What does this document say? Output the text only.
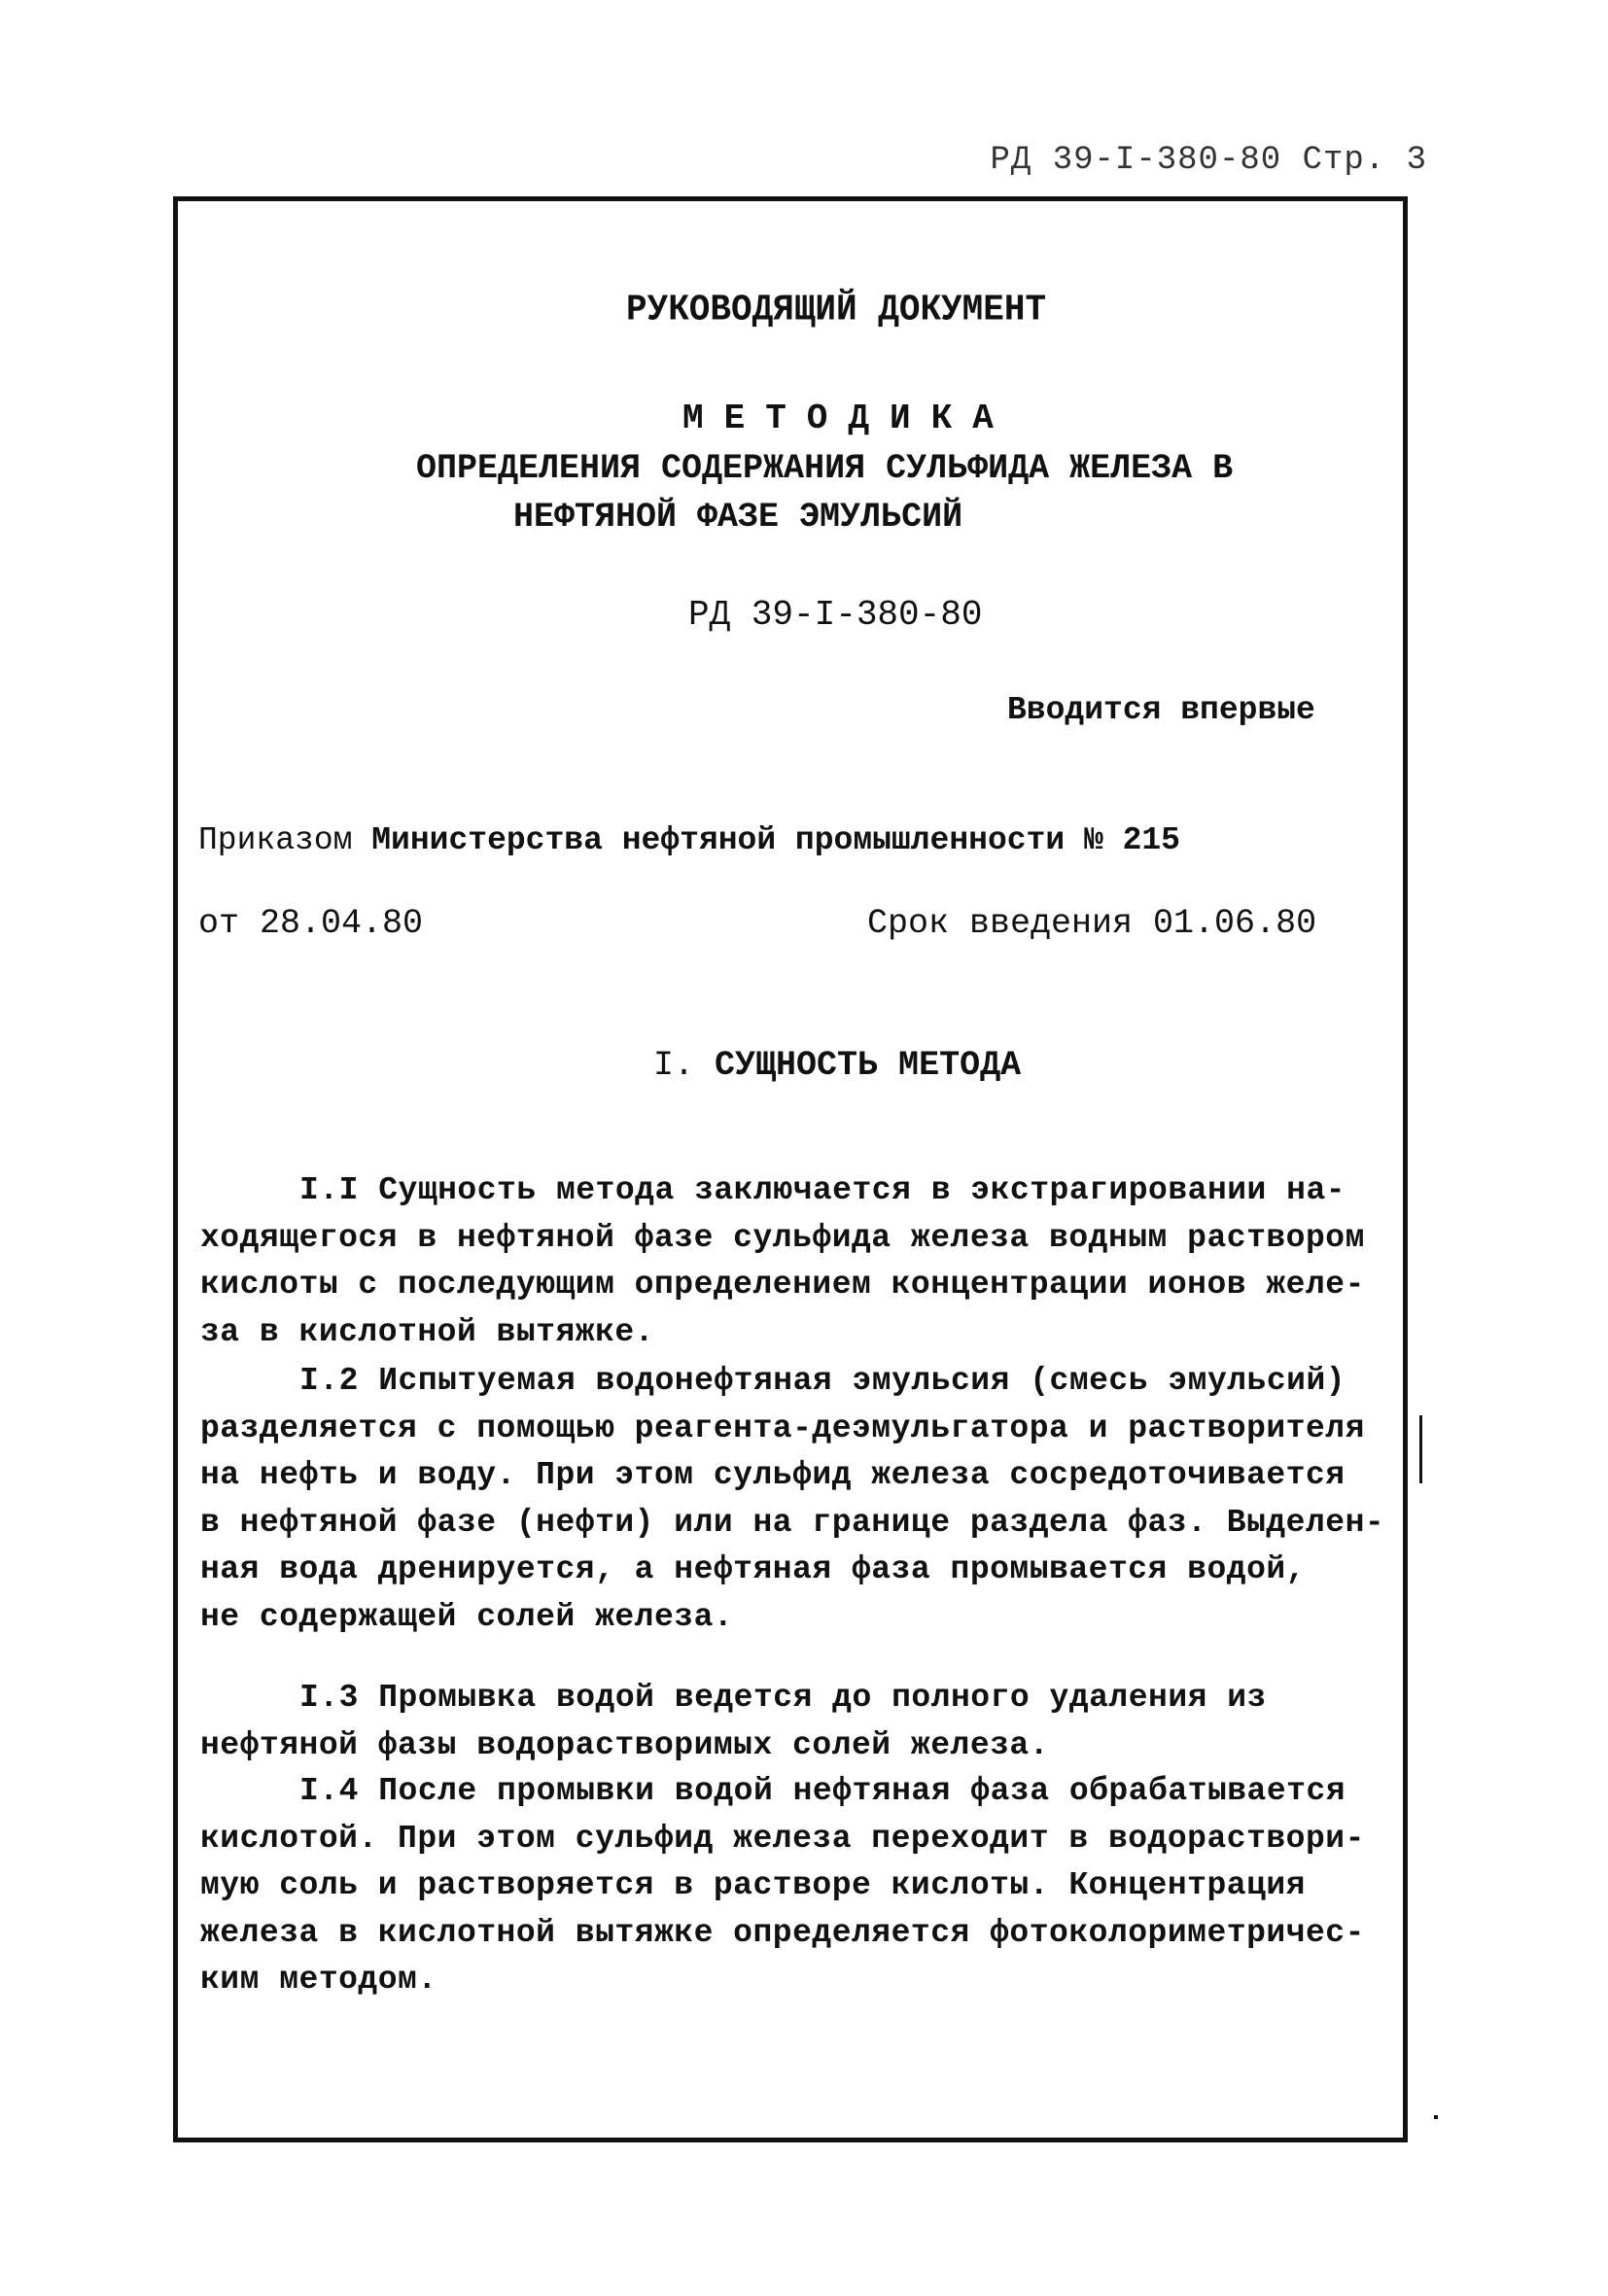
РД 39-I-380-80 Стр. 3
РУКОВОДЯЩИЙ ДОКУМЕНТ
МЕТОДИКА
ОПРЕДЕЛЕНИЯ СОДЕРЖАНИЯ СУЛЬФИДА ЖЕЛЕЗА В
НЕФТЯНОЙ ФАЗЕ ЭМУЛЬСИЙ
РД 39-I-380-80
Вводится впервые
Приказом Министерства нефтяной промышленности № 215
от 28.04.80	Срок введения 01.06.80
I. СУЩНОСТЬ МЕТОДА
I.I Сущность метода заключается в экстрагировании на-
ходящегося в нефтяной фазе сульфида железа водным раствором
кислоты с последующим определением концентрации ионов желе-
за в кислотной вытяжке.
I.2 Испытуемая водонефтяная эмульсия (смесь эмульсий)
разделяется с помощью реагента-деэмульгатора и растворителя
на нефть и воду. При этом сульфид железа сосредоточивается
в нефтяной фазе (нефти) или на границе раздела фаз. Выделен-
ная вода дренируется, а нефтяная фаза промывается водой,
не содержащей солей железа.
I.3 Промывка водой ведется до полного удаления из
нефтяной фазы водорастворимых солей железа.
I.4 После промывки водой нефтяная фаза обрабатывается
кислотой. При этом сульфид железа переходит в водораствори-
мую соль и растворяется в растворе кислоты. Концентрация
железа в кислотной вытяжке определяется фотоколориметричес-
ким методом.
